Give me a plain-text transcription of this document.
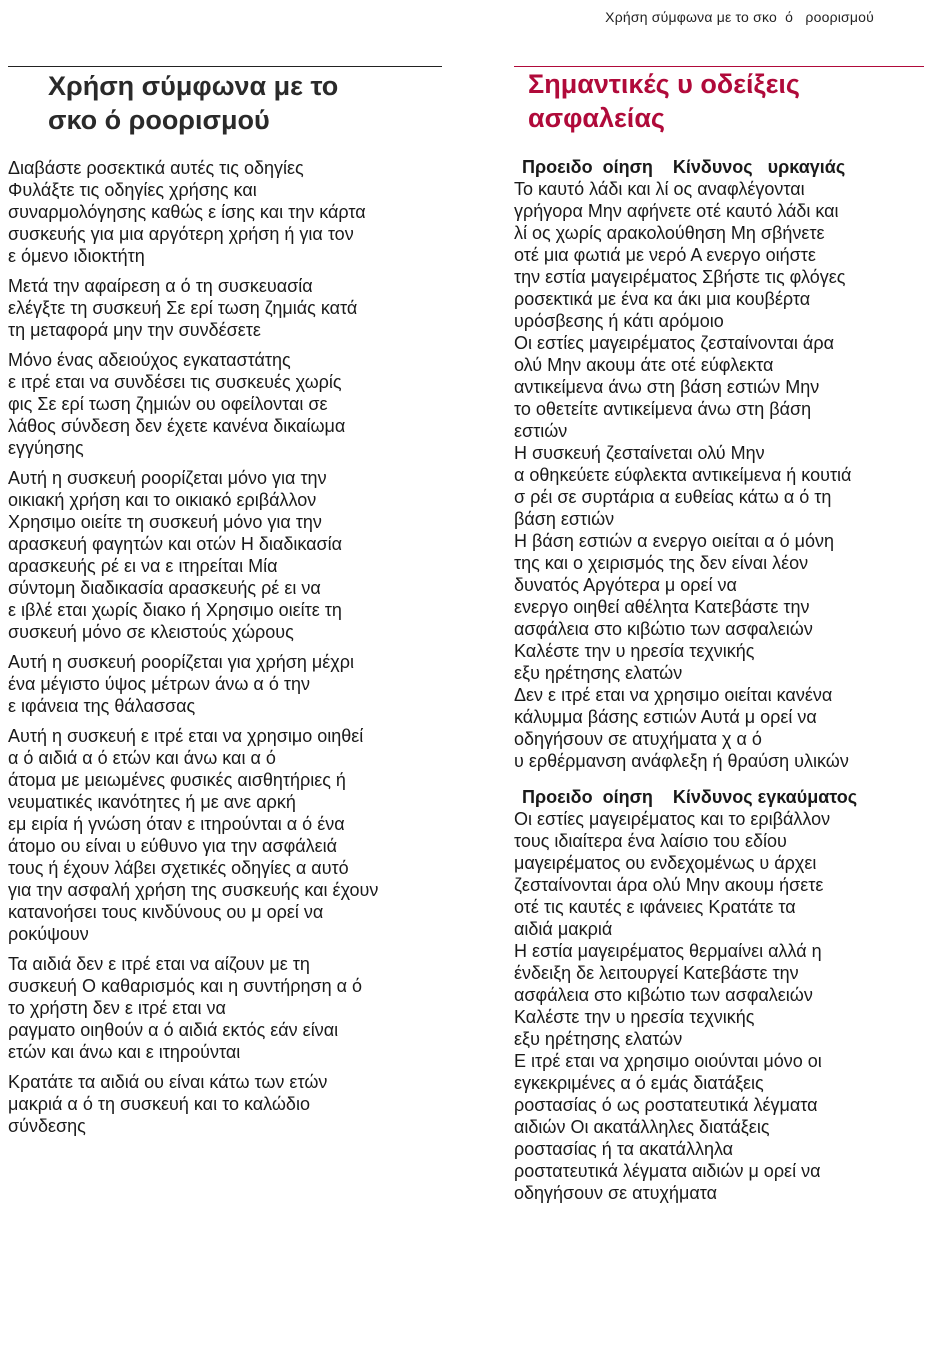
Χρήση σύμφωνα με το σκο  ό   ροορισμού
Χρήση σύμφωνα με το
σκο ό ροορισμού

Διαβάστε ροσεκτικά αυτές τις οδηγίες
Φυλάξτε τις οδηγίες χρήσης και
συναρμολόγησης καθώς ε ίσης και την κάρτα
συσκευής για μια αργότερη χρήση ή για τον
ε όμενο ιδιοκτήτη

Μετά την αφαίρεση α ό τη συσκευασία
ελέγξτε τη συσκευή Σε ερί τωση ζημιάς κατά
τη μεταφορά μην την συνδέσετε

Μόνο ένας αδειούχος εγκαταστάτης
ε ιτρέ εται να συνδέσει τις συσκευές χωρίς
φις Σε ερί τωση ζημιών ου οφείλονται σε
λάθος σύνδεση δεν έχετε κανένα δικαίωμα
εγγύησης

Αυτή η συσκευή ροορίζεται μόνο για την
οικιακή χρήση και το οικιακό εριβάλλον
Χρησιμο οιείτε τη συσκευή μόνο για την
αρασκευή φαγητών και οτών Η διαδικασία
αρασκευής ρέ ει να ε ιτηρείται Μία
σύντομη διαδικασία αρασκευής ρέ ει να
ε ιβλέ εται χωρίς διακο ή Χρησιμο οιείτε τη
συσκευή μόνο σε κλειστούς χώρους

Αυτή η συσκευή ροορίζεται για χρήση μέχρι
ένα μέγιστο ύψος μέτρων άνω α ό την
ε ιφάνεια της θάλασσας

Αυτή η συσκευή ε ιτρέ εται να χρησιμο οιηθεί
α ό αιδιά α ό ετών και άνω και α ό
άτομα με μειωμένες φυσικές αισθητήριες ή
νευματικές ικανότητες ή με ανε αρκή
εμ ειρία ή γνώση όταν ε ιτηρούνται α ό ένα
άτομο ου είναι υ εύθυνο για την ασφάλειά
τους ή έχουν λάβει σχετικές οδηγίες α αυτό
για την ασφαλή χρήση της συσκευής και έχουν
κατανοήσει τους κινδύνους ου μ ορεί να
ροκύψουν

Τα αιδιά δεν ε ιτρέ εται να αίζουν με τη
συσκευή Ο καθαρισμός και η συντήρηση α ό
το χρήστη δεν ε ιτρέ εται να
ραγματο οιηθούν α ό αιδιά εκτός εάν είναι
ετών και άνω και ε ιτηρούνται

Κρατάτε τα αιδιά ου είναι κάτω των ετών
μακριά α ό τη συσκευή και το καλώδιο
σύνδεσης

Σημαντικές υ οδείξεις
ασφαλείας

Προειδο  οίηση    Κίνδυνος   υρκαγιάς

Το καυτό λάδι και λί ος αναφλέγονται
γρήγορα Μην αφήνετε οτέ καυτό λάδι και
λί ος χωρίς αρακολούθηση Μη σβήνετε
οτέ μια φωτιά με νερό Α ενεργο οιήστε
την εστία μαγειρέματος Σβήστε τις φλόγες
ροσεκτικά με ένα κα άκι μια κουβέρτα
υρόσβεσης ή κάτι αρόμοιο

Οι εστίες μαγειρέματος ζεσταίνονται άρα
ολύ Μην ακουμ άτε οτέ εύφλεκτα
αντικείμενα άνω στη βάση εστιών Μην
το οθετείτε αντικείμενα άνω στη βάση
εστιών

Η συσκευή ζεσταίνεται ολύ Μην
α οθηκεύετε εύφλεκτα αντικείμενα ή κουτιά
σ ρέι σε συρτάρια α ευθείας κάτω α ό τη
βάση εστιών

Η βάση εστιών α ενεργο οιείται α ό μόνη
της και ο χειρισμός της δεν είναι λέον
δυνατός Αργότερα μ ορεί να
ενεργο οιηθεί αθέλητα Κατεβάστε την
ασφάλεια στο κιβώτιο των ασφαλειών
Καλέστε την υ ηρεσία τεχνικής
εξυ ηρέτησης ελατών

Δεν ε ιτρέ εται να χρησιμο οιείται κανένα
κάλυμμα βάσης εστιών Αυτά μ ορεί να
οδηγήσουν σε ατυχήματα χ α ό
υ ερθέρμανση ανάφλεξη ή θραύση υλικών

Προειδο  οίηση    Κίνδυνος εγκαύματος

Οι εστίες μαγειρέματος και το εριβάλλον
τους ιδιαίτερα ένα λαίσιο του εδίου
μαγειρέματος ου ενδεχομένως υ άρχει
ζεσταίνονται άρα ολύ Μην ακουμ ήσετε
οτέ τις καυτές ε ιφάνειες Κρατάτε τα
αιδιά μακριά

Η εστία μαγειρέματος θερμαίνει αλλά η
ένδειξη δε λειτουργεί Κατεβάστε την
ασφάλεια στο κιβώτιο των ασφαλειών
Καλέστε την υ ηρεσία τεχνικής
εξυ ηρέτησης ελατών

Ε ιτρέ εται να χρησιμο οιούνται μόνο οι
εγκεκριμένες α ό εμάς διατάξεις
ροστασίας ό ως ροστατευτικά λέγματα
αιδιών Οι ακατάλληλες διατάξεις
ροστασίας ή τα ακατάλληλα
ροστατευτικά λέγματα αιδιών μ ορεί να
οδηγήσουν σε ατυχήματα
